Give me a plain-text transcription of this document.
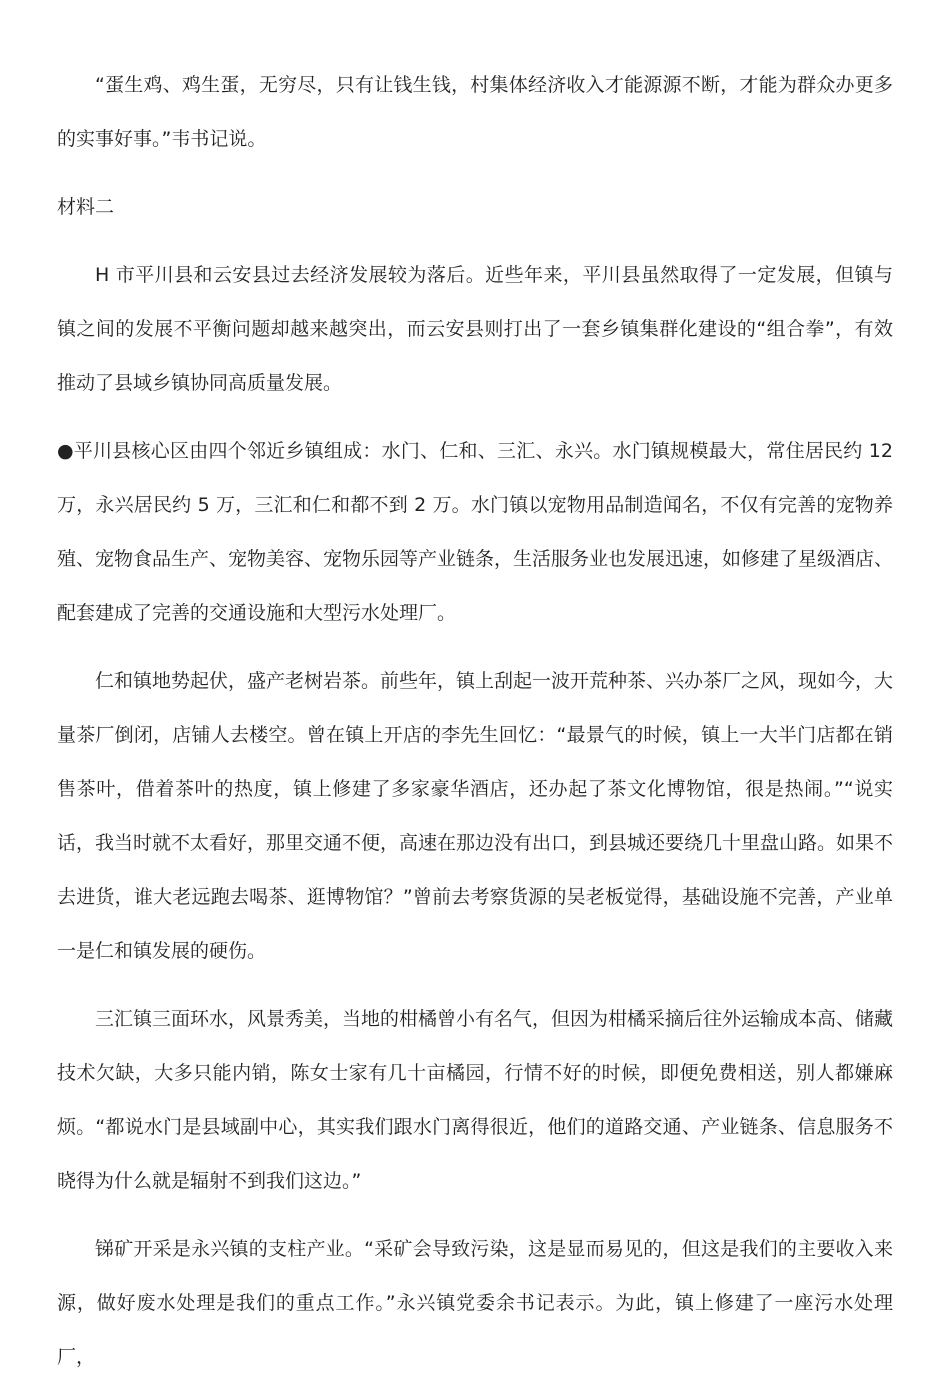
“蛋生鸡、鸡生蛋，无穷尽，只有让钱生钱，村集体经济收入才能源源不断，才能为群众办更多的实事好事。”韦书记说。

材料二

H 市平川县和云安县过去经济发展较为落后。近些年来，平川县虽然取得了一定发展，但镇与镇之间的发展不平衡问题却越来越突出，而云安县则打出了一套乡镇集群化建设的“组合拳”，有效推动了县域乡镇协同高质量发展。

●平川县核心区由四个邻近乡镇组成：水门、仁和、三汇、永兴。水门镇规模最大，常住居民约 12 万，永兴居民约 5 万，三汇和仁和都不到 2 万。水门镇以宠物用品制造闻名，不仅有完善的宠物养殖、宠物食品生产、宠物美容、宠物乐园等产业链条，生活服务业也发展迅速，如修建了星级酒店、配套建成了完善的交通设施和大型污水处理厂。

仁和镇地势起伏，盛产老树岩茶。前些年，镇上刮起一波开荒种茶、兴办茶厂之风，现如今，大量茶厂倒闭，店铺人去楼空。曾在镇上开店的李先生回忆：“最景气的时候，镇上一大半门店都在销售茶叶，借着茶叶的热度，镇上修建了多家豪华酒店，还办起了茶文化博物馆，很是热闹。”“说实话，我当时就不太看好，那里交通不便，高速在那边没有出口，到县城还要绕几十里盘山路。如果不去进货，谁大老远跑去喝茶、逛博物馆？”曾前去考察货源的吴老板觉得，基础设施不完善，产业单一是仁和镇发展的硬伤。

三汇镇三面环水，风景秀美，当地的柑橘曾小有名气，但因为柑橘采摘后往外运输成本高、储藏技术欠缺，大多只能内销，陈女士家有几十亩橘园，行情不好的时候，即便免费相送，别人都嫌麻烦。“都说水门是县域副中心，其实我们跟水门离得很近，他们的道路交通、产业链条、信息服务不晓得为什么就是辐射不到我们这边。”

锑矿开采是永兴镇的支柱产业。“采矿会导致污染，这是显而易见的，但这是我们的主要收入来源，做好废水处理是我们的重点工作。”永兴镇党委余书记表示。为此，镇上修建了一座污水处理厂，
